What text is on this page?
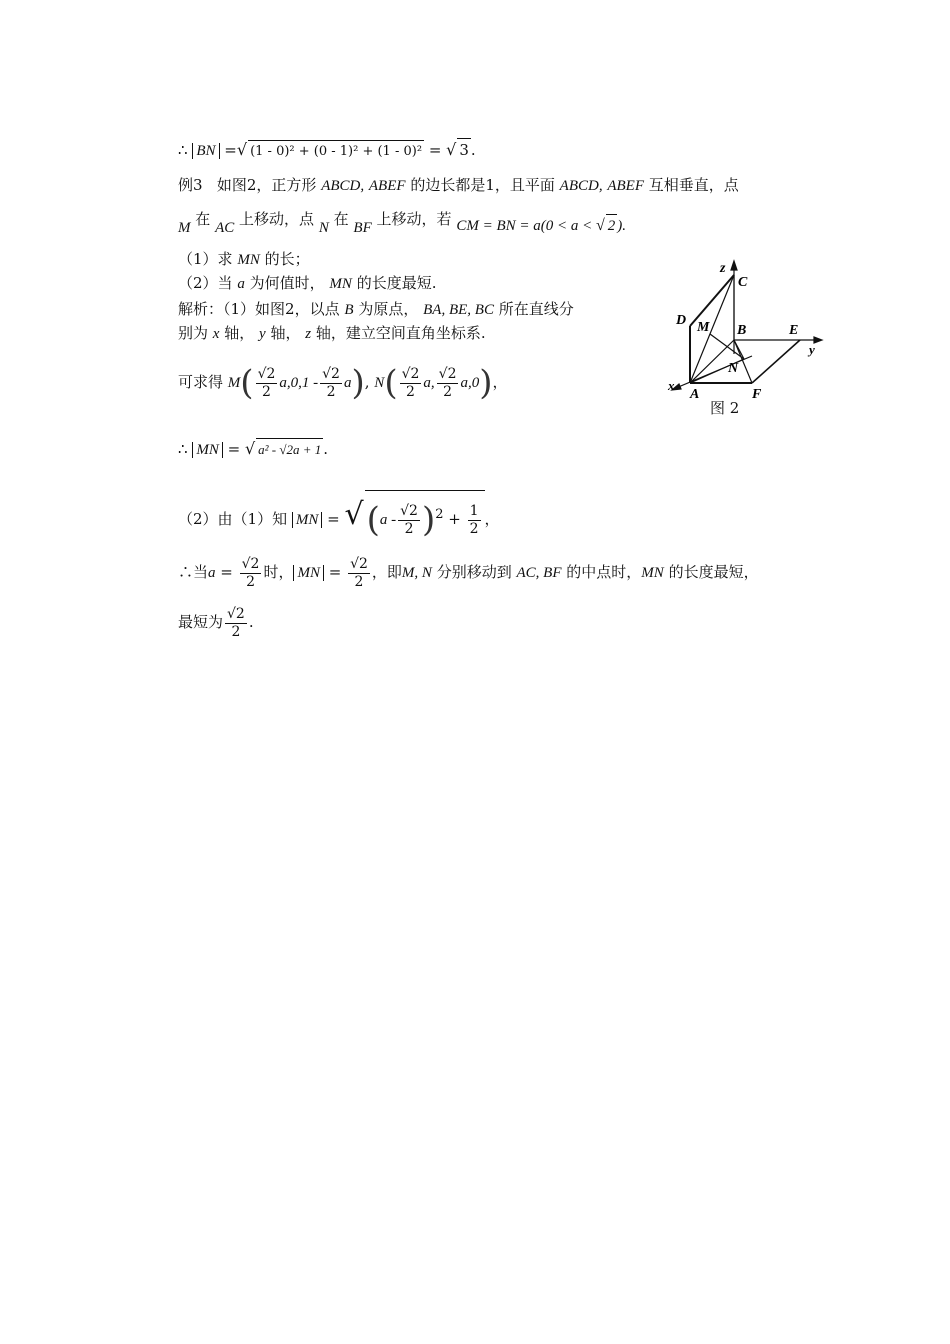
∴ BN =√ (1 - 0)² + (0 - 1)² + (1 - 0)² = √ 3 .
例3 如图2，正方形 ABCD, ABEF 的边长都是1，且平面 ABCD, ABEF 互相垂直，点
M 在 AC 上移动，点 N 在 BF 上移动，若 CM = BN = a(0 < a < √ 2 ).
（1）求 MN 的长；
（2）当 a 为何值时， MN 的长度最短.
解析：（1）如图2，以点 B 为原点， BA, BE, BC 所在直线分
别为 x 轴， y 轴， z 轴，建立空间直角坐标系.
可求得 $M( \frac{√2}{2} a,0,1 - \frac{√2}{2} a)$, $N( \frac{√2}{2} a$, $\frac{√2}{2} a,0$)，
∴ MN = √ a² - √2a + 1 .
（2）由（1）知 MN = $√(a - \frac{√2}{2} )^2 + \frac{1}{2}$ ，
∴当$a = \frac{√2}{2}$ 时， MN = $\frac{√2}{2}$ ，即M, N 分别移动到 AC, BF 的中点时，MN 的长度最短，
最短为 $\frac{√2}{2}$ .
z
C
D M B	E
y
N
x
A	F
图 2
